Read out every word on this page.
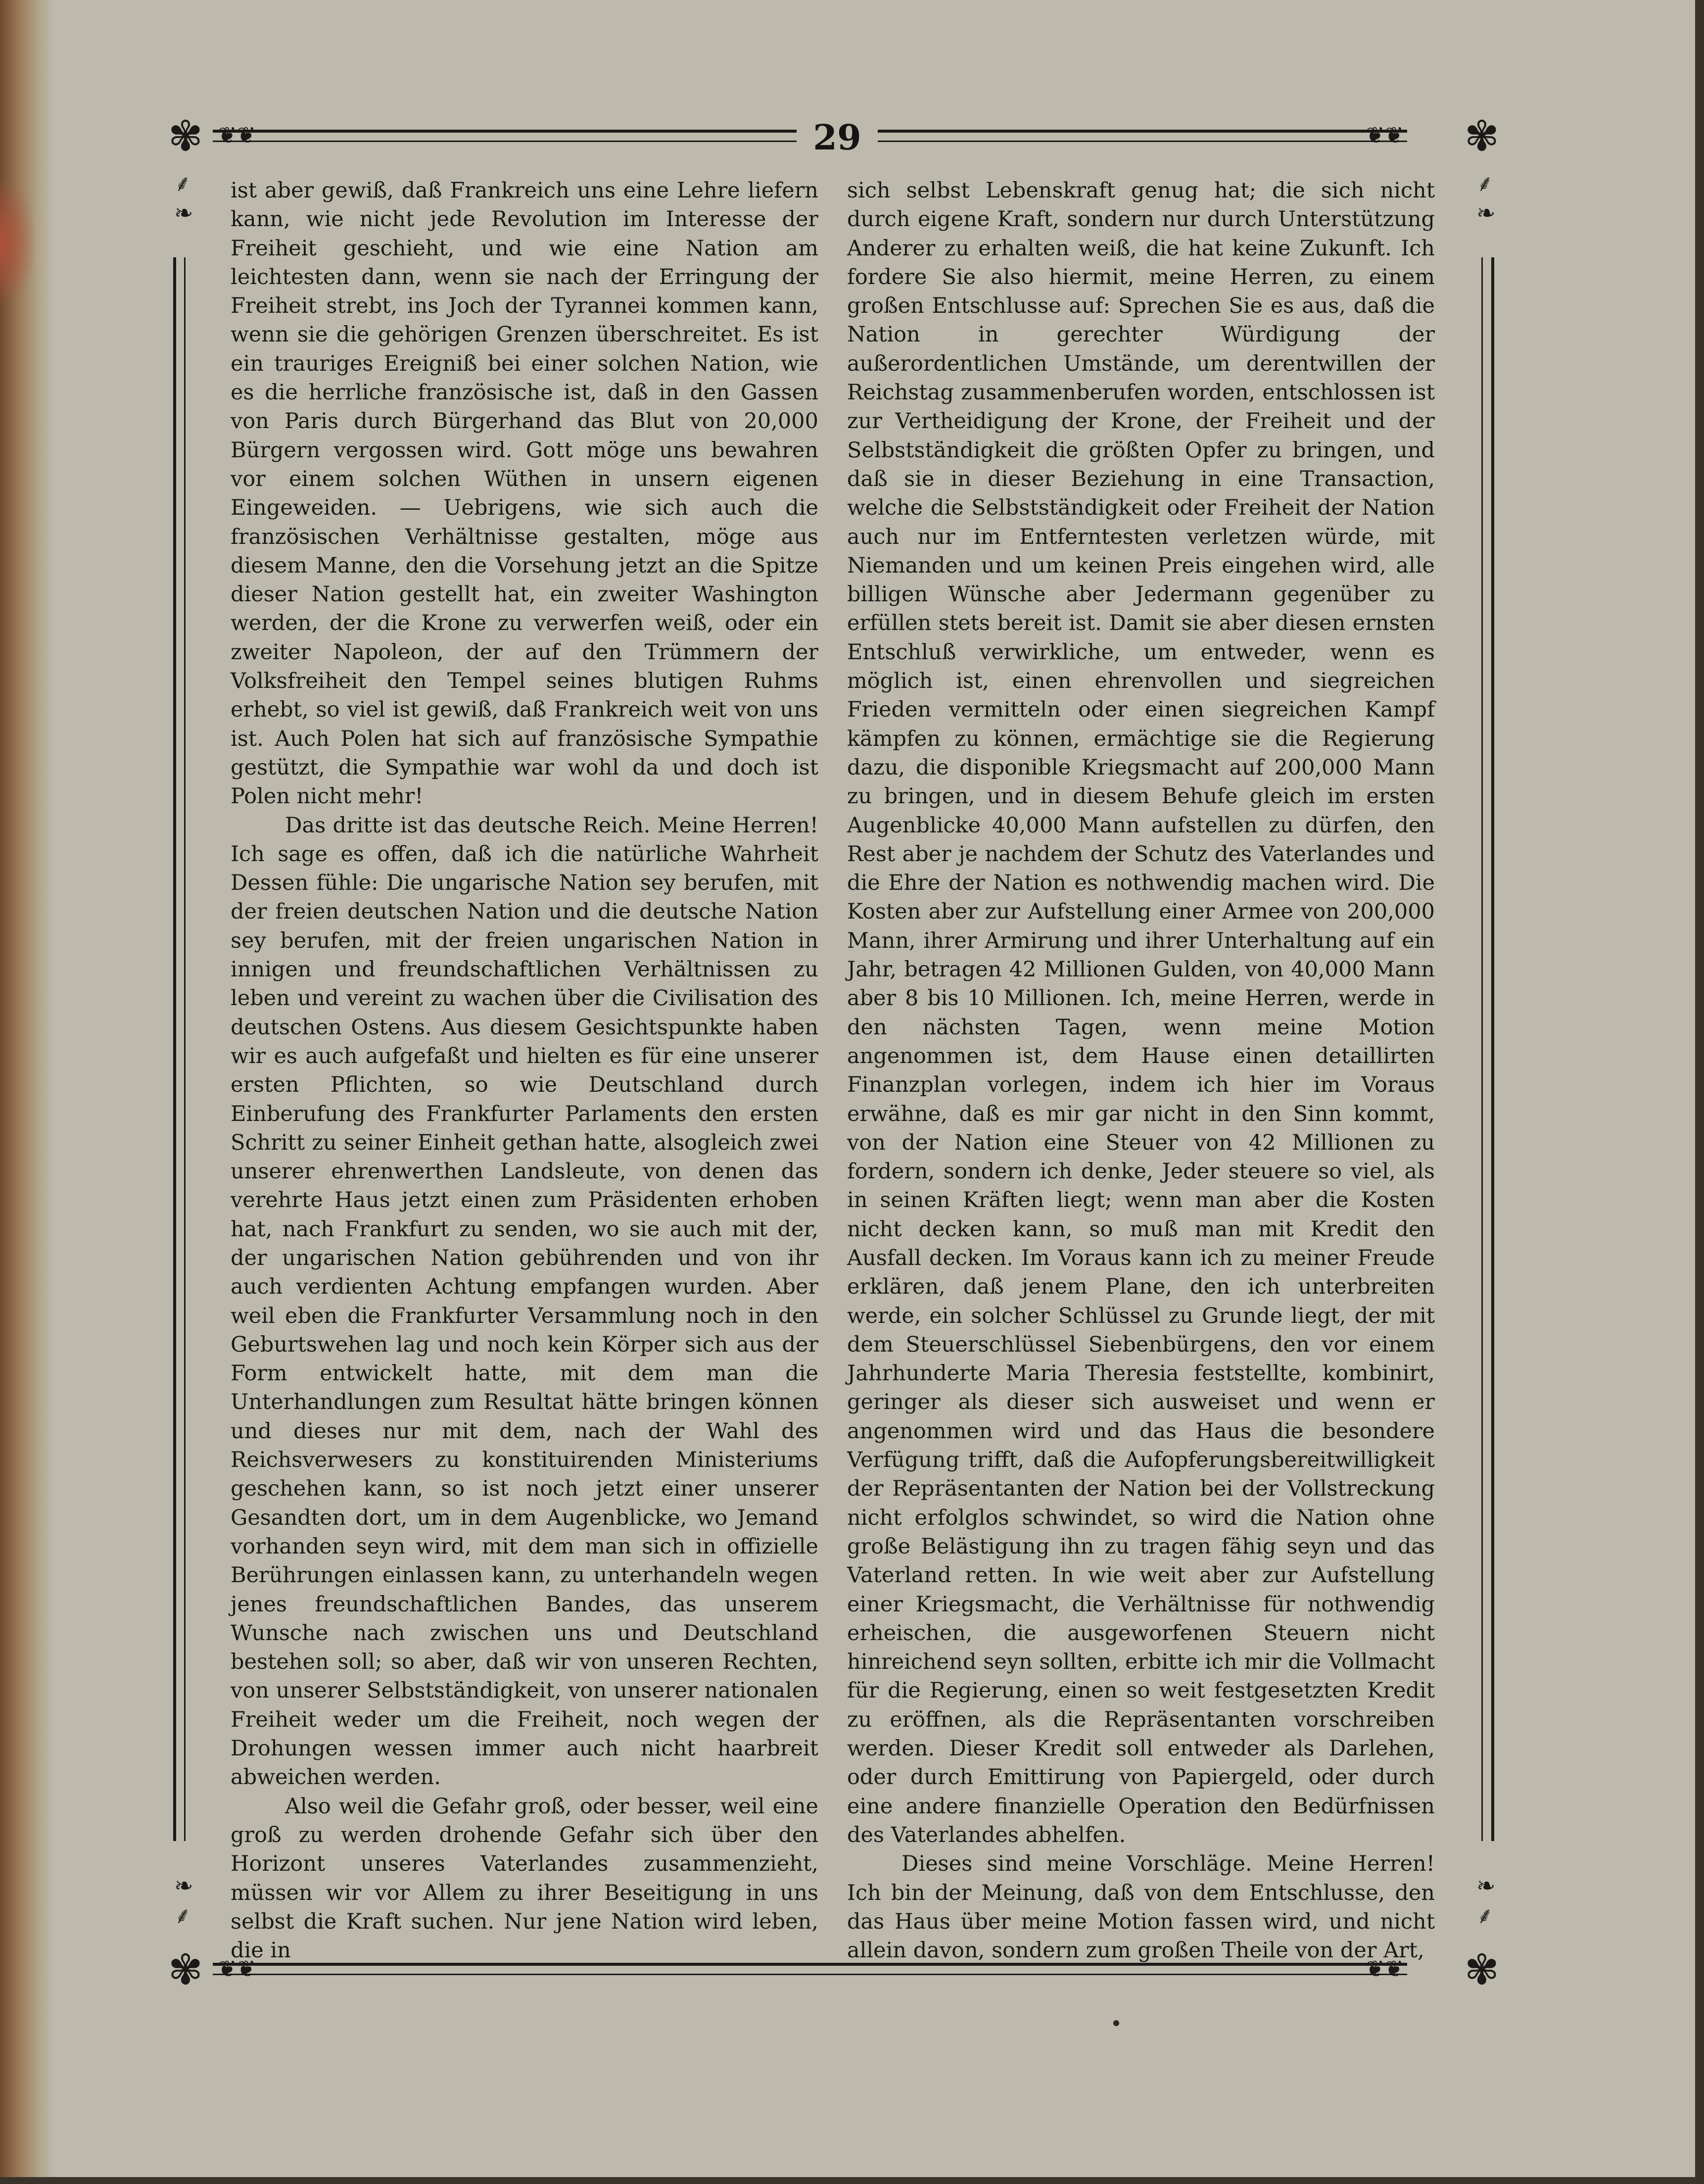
✾	✾
✾	✾
❦❦	❦❦
❦❦	❦❦
⸙
❧
⸙
❧
❧
⸙
❧
⸙
29

ist aber gewiß, daß Frankreich uns eine Lehre liefern kann, wie nicht jede Revolution im Interesse der Freiheit geschieht, und wie eine Nation am leichtesten dann, wenn sie nach der Erringung der Freiheit strebt, ins Joch der Tyrannei kommen kann, wenn sie die gehörigen Grenzen überschreitet. Es ist ein trauriges Ereigniß bei einer solchen Nation, wie es die herrliche französische ist, daß in den Gassen von Paris durch Bürgerhand das Blut von 20,000 Bürgern vergossen wird. Gott möge uns bewahren vor einem solchen Wüthen in unsern eigenen Eingeweiden. — Uebrigens, wie sich auch die französischen Verhältnisse gestalten, möge aus diesem Manne, den die Vorsehung jetzt an die Spitze dieser Nation gestellt hat, ein zweiter Washington werden, der die Krone zu verwerfen weiß, oder ein zweiter Napoleon, der auf den Trümmern der Volksfreiheit den Tempel seines blutigen Ruhms erhebt, so viel ist gewiß, daß Frankreich weit von uns ist. Auch Polen hat sich auf französische Sympathie gestützt, die Sympathie war wohl da und doch ist Polen nicht mehr!

Das dritte ist das deutsche Reich. Meine Herren! Ich sage es offen, daß ich die natürliche Wahrheit Dessen fühle: Die ungarische Nation sey berufen, mit der freien deutschen Nation und die deutsche Nation sey berufen, mit der freien ungarischen Nation in innigen und freundschaftlichen Verhältnissen zu leben und vereint zu wachen über die Civilisation des deutschen Ostens. Aus diesem Gesichtspunkte haben wir es auch aufgefaßt und hielten es für eine unserer ersten Pflichten, so wie Deutschland durch Einberufung des Frankfurter Parlaments den ersten Schritt zu seiner Einheit gethan hatte, alsogleich zwei unserer ehrenwerthen Landsleute, von denen das verehrte Haus jetzt einen zum Präsidenten erhoben hat, nach Frankfurt zu senden, wo sie auch mit der, der ungarischen Nation gebührenden und von ihr auch verdienten Achtung empfangen wurden. Aber weil eben die Frankfurter Versammlung noch in den Geburtswehen lag und noch kein Körper sich aus der Form entwickelt hatte, mit dem man die Unterhandlungen zum Resultat hätte bringen können und dieses nur mit dem, nach der Wahl des Reichsverwesers zu konstituirenden Ministeriums geschehen kann, so ist noch jetzt einer unserer Gesandten dort, um in dem Augenblicke, wo Jemand vorhanden seyn wird, mit dem man sich in offizielle Berührungen einlassen kann, zu unterhandeln wegen jenes freundschaftlichen Bandes, das unserem Wunsche nach zwischen uns und Deutschland bestehen soll; so aber, daß wir von unseren Rechten, von unserer Selbstständigkeit, von unserer nationalen Freiheit weder um die Freiheit, noch wegen der Drohungen wessen immer auch nicht haarbreit abweichen werden.

Also weil die Gefahr groß, oder besser, weil eine groß zu werden drohende Gefahr sich über den Horizont unseres Vaterlandes zusammenzieht, müssen wir vor Allem zu ihrer Beseitigung in uns selbst die Kraft suchen. Nur jene Nation wird leben, die in

sich selbst Lebenskraft genug hat; die sich nicht durch eigene Kraft, sondern nur durch Unterstützung Anderer zu erhalten weiß, die hat keine Zukunft. Ich fordere Sie also hiermit, meine Herren, zu einem großen Entschlusse auf: Sprechen Sie es aus, daß die Nation in gerechter Würdigung der außerordentlichen Umstände, um derentwillen der Reichstag zusammenberufen worden, entschlossen ist zur Vertheidigung der Krone, der Freiheit und der Selbstständigkeit die größten Opfer zu bringen, und daß sie in dieser Beziehung in eine Transaction, welche die Selbstständigkeit oder Freiheit der Nation auch nur im Entferntesten verletzen würde, mit Niemanden und um keinen Preis eingehen wird, alle billigen Wünsche aber Jedermann gegenüber zu erfüllen stets bereit ist. Damit sie aber diesen ernsten Entschluß verwirkliche, um entweder, wenn es möglich ist, einen ehrenvollen und siegreichen Frieden vermitteln oder einen siegreichen Kampf kämpfen zu können, ermächtige sie die Regierung dazu, die disponible Kriegsmacht auf 200,000 Mann zu bringen, und in diesem Behufe gleich im ersten Augenblicke 40,000 Mann aufstellen zu dürfen, den Rest aber je nachdem der Schutz des Vaterlandes und die Ehre der Nation es nothwendig machen wird. Die Kosten aber zur Aufstellung einer Armee von 200,000 Mann, ihrer Armirung und ihrer Unterhaltung auf ein Jahr, betragen 42 Millionen Gulden, von 40,000 Mann aber 8 bis 10 Millionen. Ich, meine Herren, werde in den nächsten Tagen, wenn meine Motion angenommen ist, dem Hause einen detaillirten Finanzplan vorlegen, indem ich hier im Voraus erwähne, daß es mir gar nicht in den Sinn kommt, von der Nation eine Steuer von 42 Millionen zu fordern, sondern ich denke, Jeder steuere so viel, als in seinen Kräften liegt; wenn man aber die Kosten nicht decken kann, so muß man mit Kredit den Ausfall decken. Im Voraus kann ich zu meiner Freude erklären, daß jenem Plane, den ich unterbreiten werde, ein solcher Schlüssel zu Grunde liegt, der mit dem Steuerschlüssel Siebenbürgens, den vor einem Jahrhunderte Maria Theresia feststellte, kombinirt, geringer als dieser sich ausweiset und wenn er angenommen wird und das Haus die besondere Verfügung trifft, daß die Aufopferungsbereitwilligkeit der Repräsentanten der Nation bei der Vollstreckung nicht erfolglos schwindet, so wird die Nation ohne große Belästigung ihn zu tragen fähig seyn und das Vaterland retten. In wie weit aber zur Aufstellung einer Kriegsmacht, die Verhältnisse für nothwendig erheischen, die ausgeworfenen Steuern nicht hinreichend seyn sollten, erbitte ich mir die Vollmacht für die Regierung, einen so weit festgesetzten Kredit zu eröffnen, als die Repräsentanten vorschreiben werden. Dieser Kredit soll entweder als Darlehen, oder durch Emittirung von Papiergeld, oder durch eine andere finanzielle Operation den Bedürfnissen des Vaterlandes abhelfen.

Dieses sind meine Vorschläge. Meine Herren! Ich bin der Meinung, daß von dem Entschlusse, den das Haus über meine Motion fassen wird, und nicht allein davon, sondern zum großen Theile von der Art,
